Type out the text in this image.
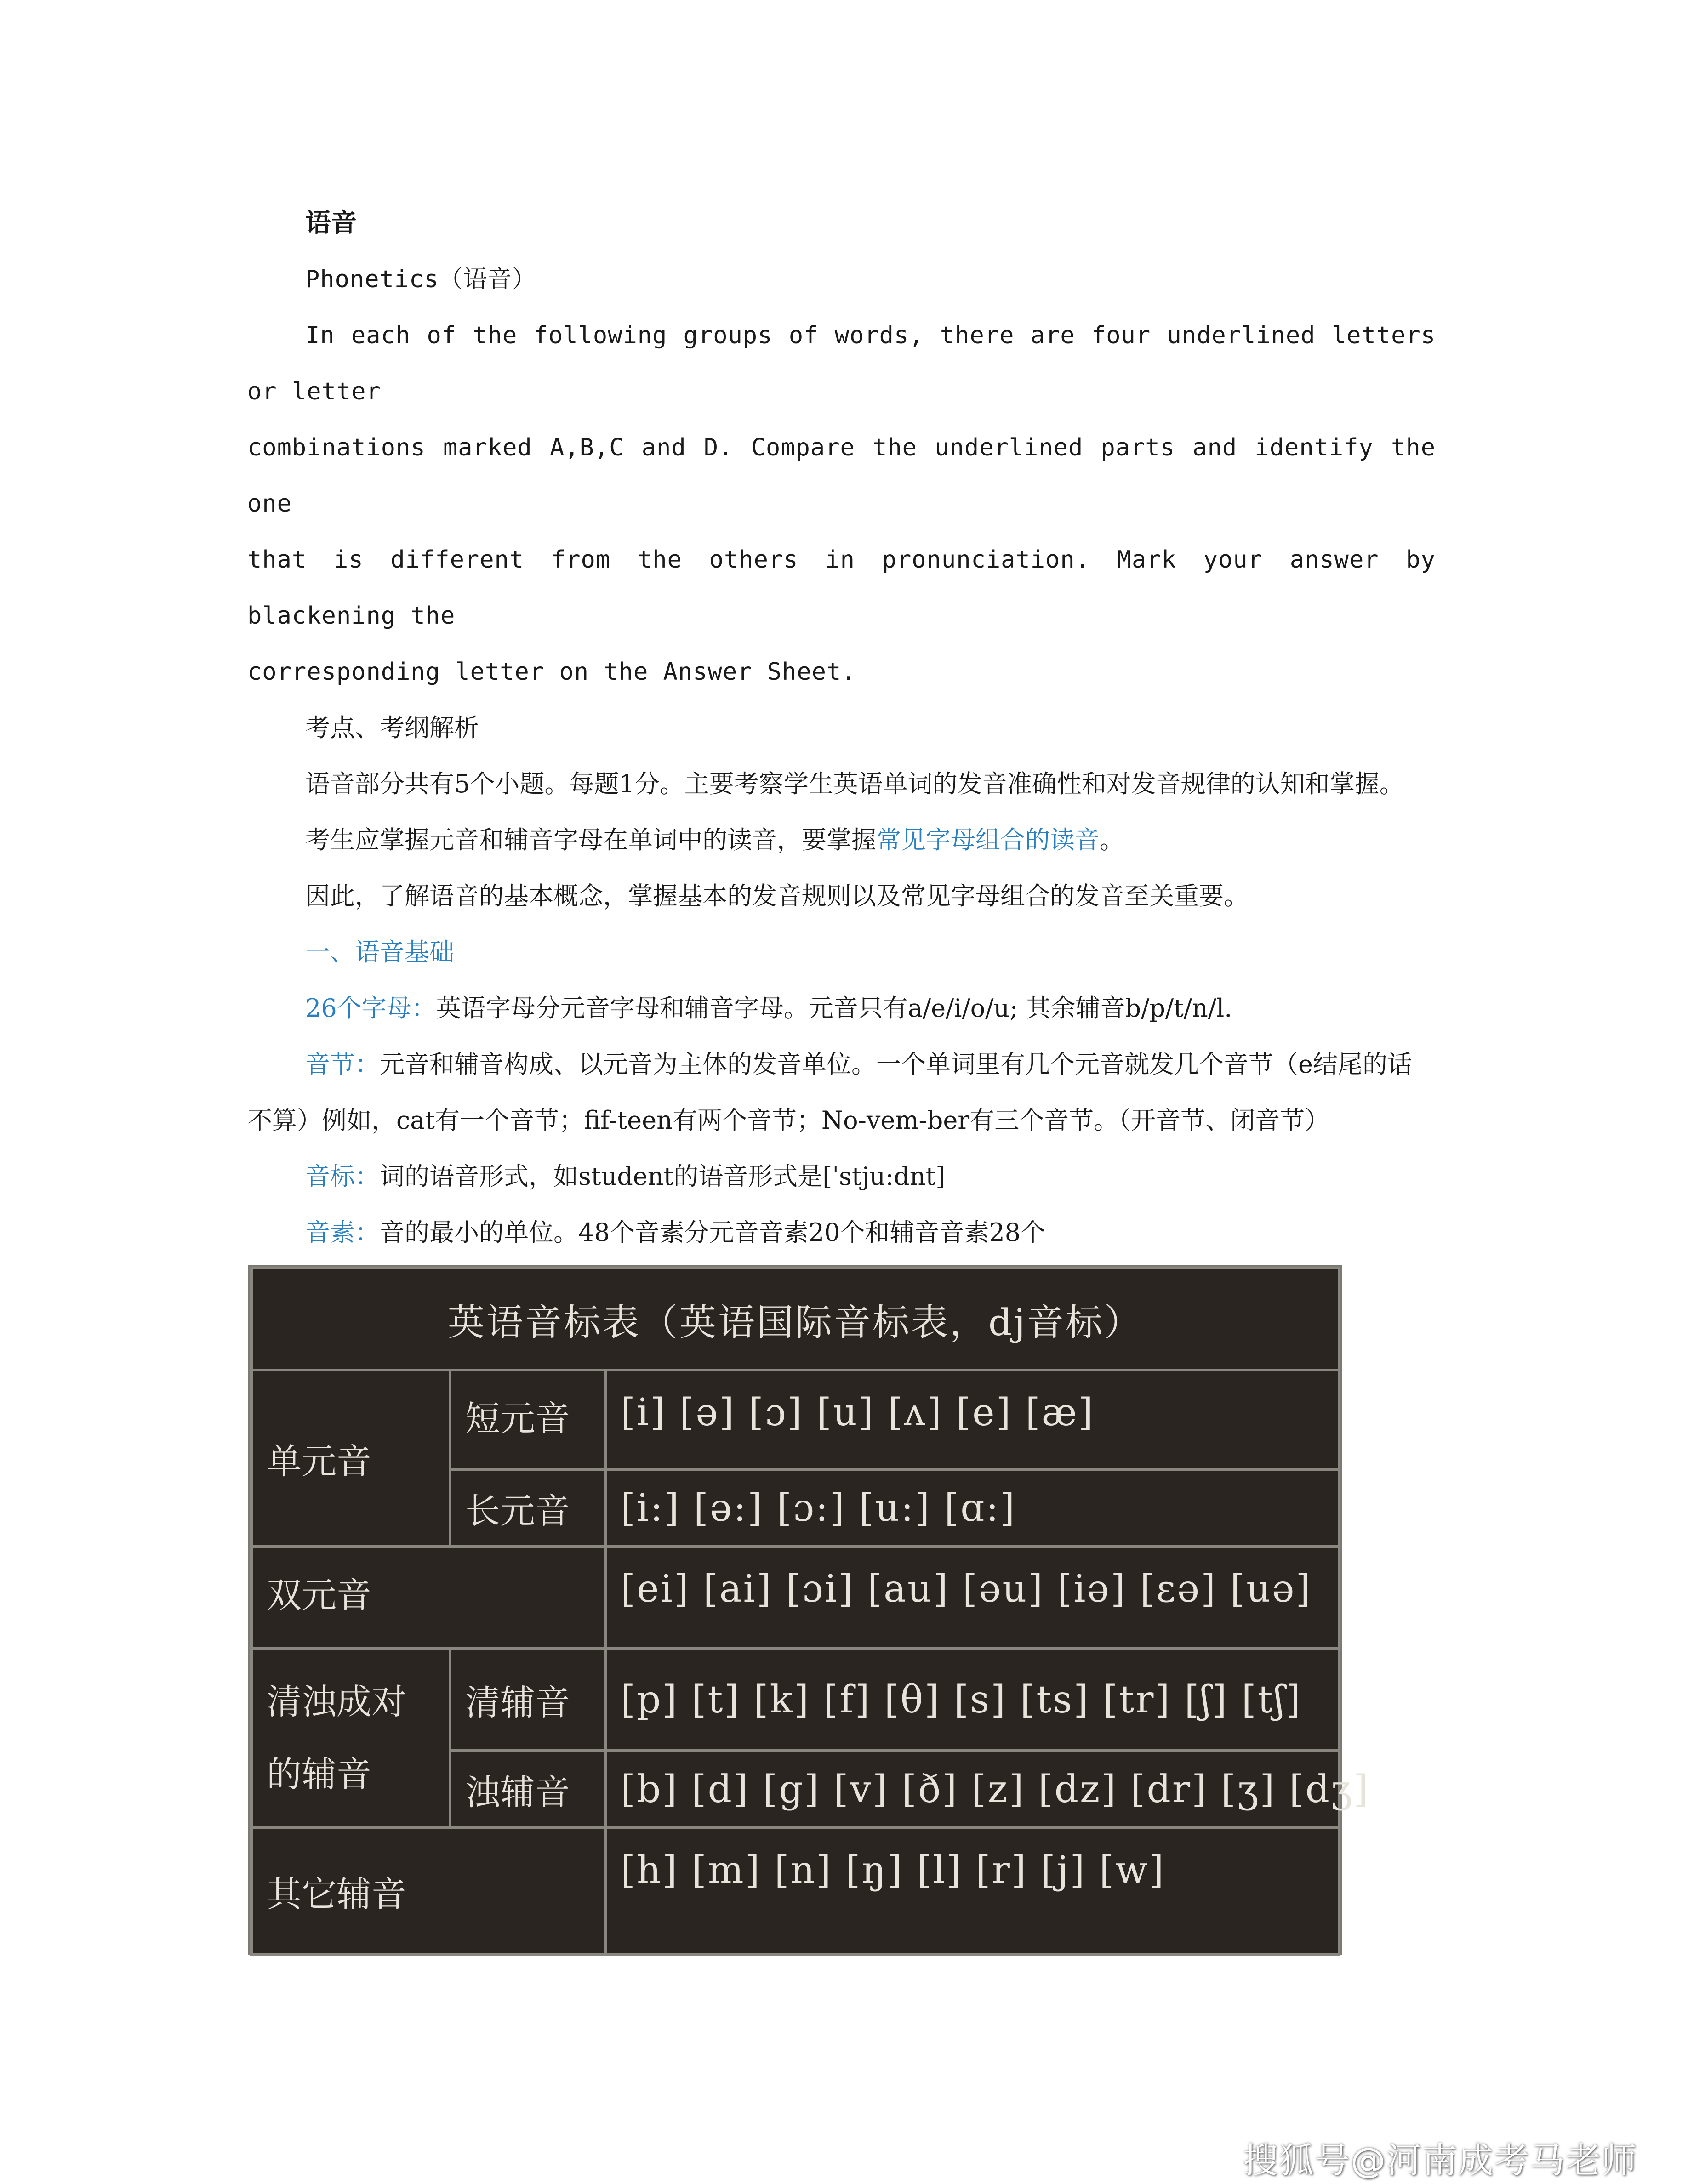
语音

Phonetics（语音）

In each of the following groups of words, there are four underlined letters or letter
combinations marked A,B,C and D. Compare the underlined parts and identify the one
that is different from the others in pronunciation. Mark your answer by blackening the
corresponding letter on the Answer Sheet.

考点、考纲解析

语音部分共有5个小题。每题1分。主要考察学生英语单词的发音准确性和对发音规律的认知和掌握。

考生应掌握元音和辅音字母在单词中的读音，要掌握常见字母组合的读音。

因此，了解语音的基本概念，掌握基本的发音规则以及常见字母组合的发音至关重要。

一、语音基础

26个字母：英语字母分元音字母和辅音字母。元音只有a/e/i/o/u; 其余辅音b/p/t/n/l.

音节：元音和辅音构成、以元音为主体的发音单位。一个单词里有几个元音就发几个音节（e结尾的话不算）例如，cat有一个音节；fif-teen有两个音节；No-vem-ber有三个音节。（开音节、闭音节）

音标：词的语音形式，如student的语音形式是[ˈstju:dnt]

音素：音的最小的单位。48个音素分元音音素20个和辅音音素28个

英语音标表（英语国际音标表，dj音标）		
单元音	短元音	[i] [ə] [ɔ] [u] [ʌ] [e] [æ]
	长元音	[i:] [ə:] [ɔ:] [u:] [ɑ:]
双元音		[ei] [ai] [ɔi] [au] [əu] [iə] [εə] [uə]
清浊成对的辅音	清辅音	[p] [t] [k] [f] [θ] [s] [ts] [tr] [ʃ] [tʃ]
	浊辅音	[b] [d] [g] [v] [ð] [z] [dz] [dr] [ʒ] [dʒ]
其它辅音		[h] [m] [n] [ŋ] [l] [r] [j] [w]
搜狐号@河南成考马老师
